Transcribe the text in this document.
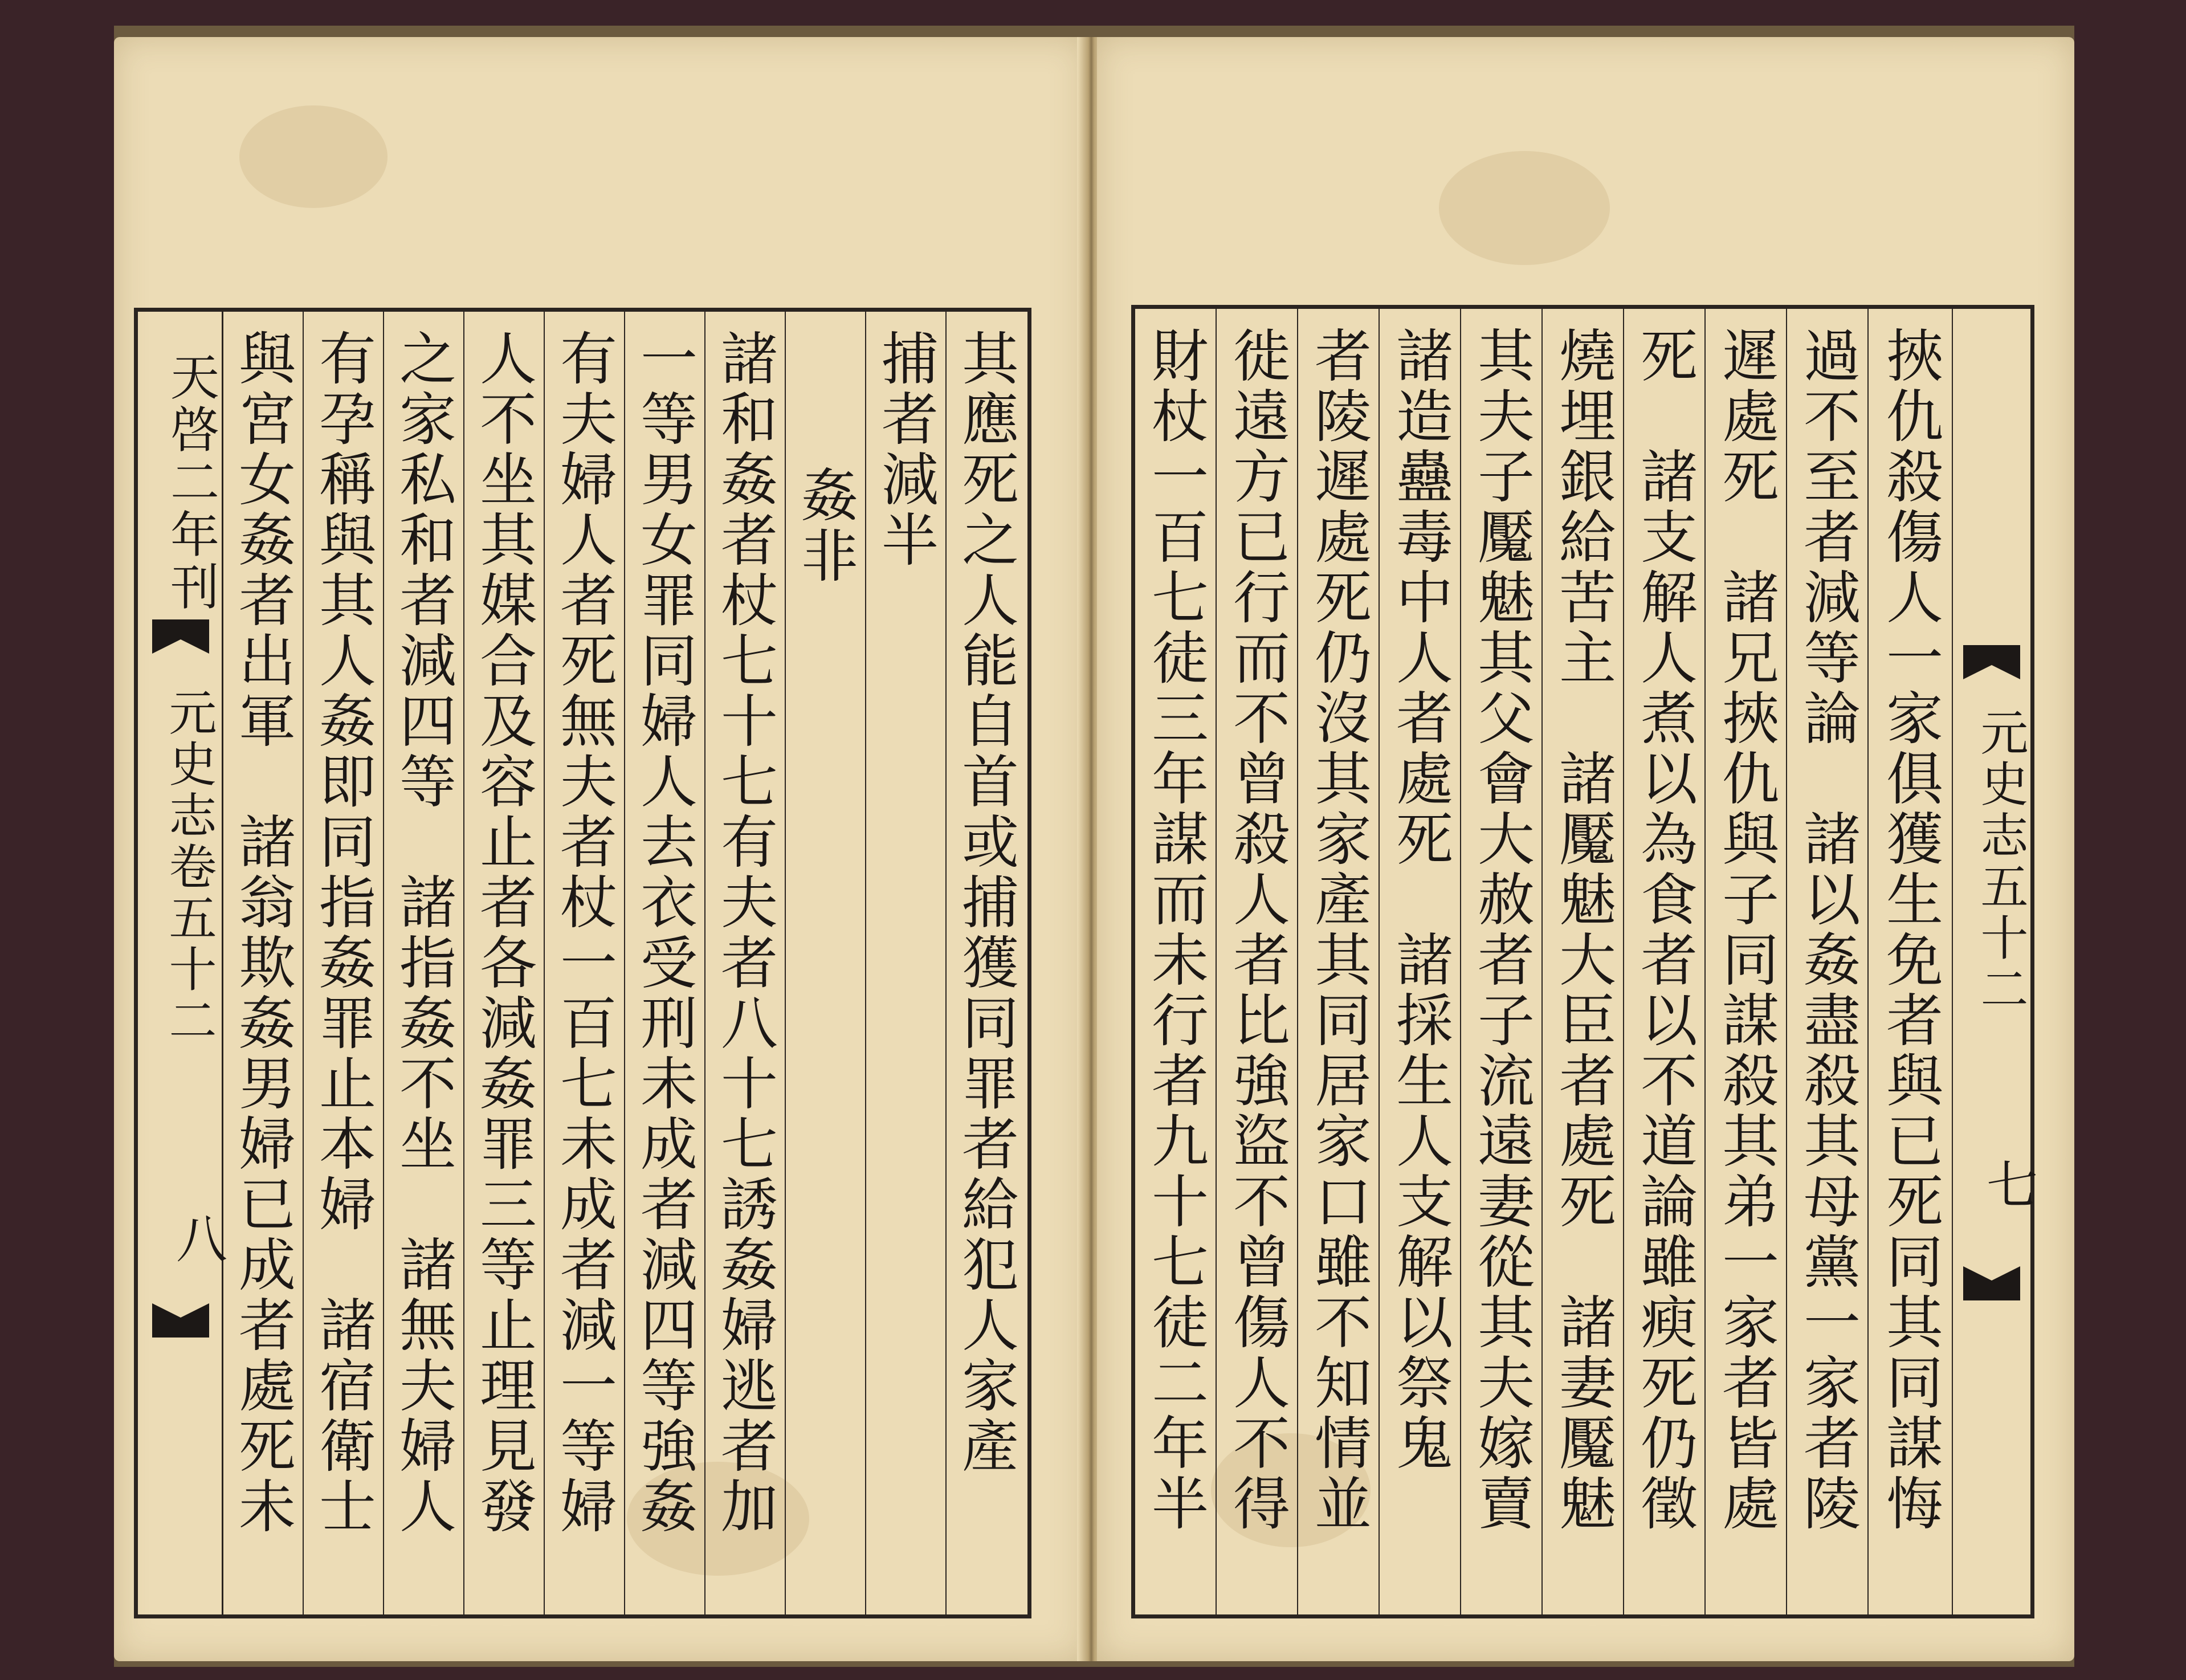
天啓二年刊
元史志卷五十二
八 與宮女姦者出軍　諸翁欺姦男婦已成者處死未 有孕稱與其人姦即同指姦罪止本婦　諸宿衛士 之家私和者減四等　諸指姦不坐　諸無夫婦人 人不坐其媒合及容止者各減姦罪三等止理見發 有夫婦人者死無夫者杖一百七未成者減一等婦 一等男女罪同婦人去衣受刑未成者減四等強姦 諸和姦者杖七十七有夫者八十七誘姦婦逃者加 姦非 捕者減半 其應死之人能自首或捕獲同罪者給犯人家產 財杖一百七徒三年謀而未行者九十七徒二年半 徙遠方已行而不曾殺人者比強盜不曾傷人不得 者陵遲處死仍沒其家產其同居家口雖不知情並 諸造蠱毒中人者處死　諸採生人支解以祭鬼 其夫子魘魅其父會大赦者子流遠妻從其夫嫁賣 燒埋銀給苦主　諸魘魅大臣者處死　諸妻魘魅 死　諸支解人煮以為食者以不道論雖瘐死仍徵 遲處死　諸兄挾仇與子同謀殺其弟一家者皆處 過不至者減等論　諸以姦盡殺其母黨一家者陵 挾仇殺傷人一家俱獲生免者與已死同其同謀悔 元史志五十二
七
